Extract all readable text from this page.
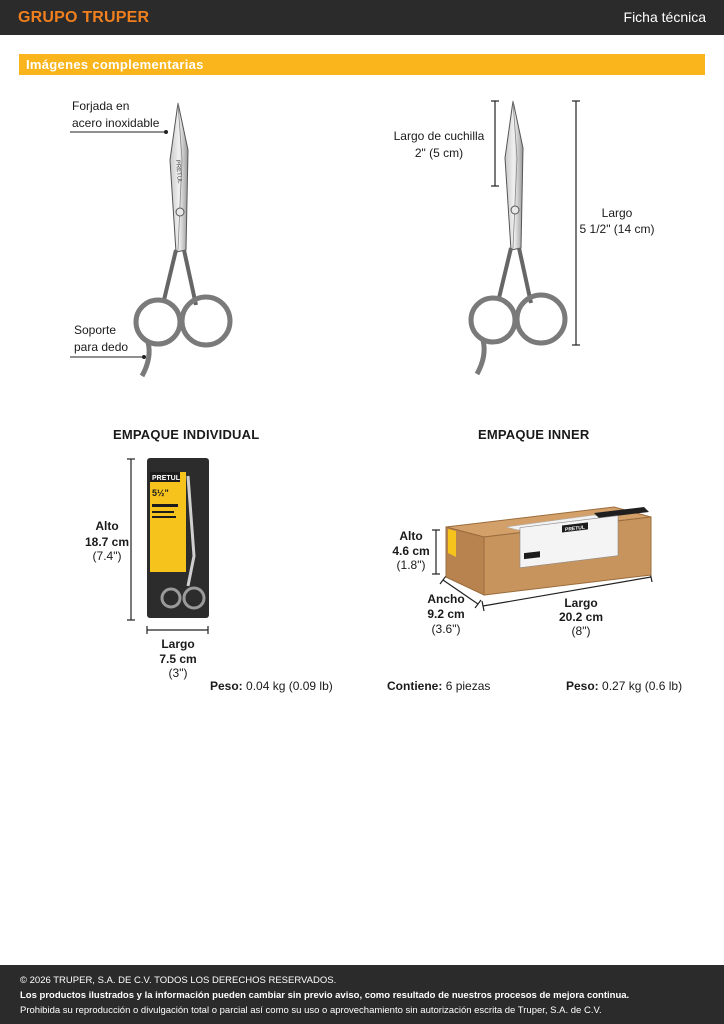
GRUPO TRUPER	Ficha técnica
Imágenes complementarias
Forjada en
acero inoxidable
Soporte
para dedo
PRETUL
Largo de cuchilla
2" (5 cm)
Largo
5 1/2" (14 cm)
EMPAQUE INDIVIDUAL
Alto
18.7 cm
(7.4")
Largo
7.5 cm
(3")
Peso: 0.04 kg (0.09 lb)
PRETUL
5½"
EMPAQUE INNER
Alto
4.6 cm
(1.8")
Ancho
9.2 cm
(3.6")
Largo
20.2 cm
(8")
Contiene: 6 piezas	Peso: 0.27 kg (0.6 lb)
PRETUL
© 2026 TRUPER, S.A. DE C.V. TODOS LOS DERECHOS RESERVADOS.
Los productos ilustrados y la información pueden cambiar sin previo aviso, como resultado de nuestros procesos de mejora continua.
Prohibida su reproducción o divulgación total o parcial así como su uso o aprovechamiento sin autorización escrita de Truper, S.A. de C.V.
